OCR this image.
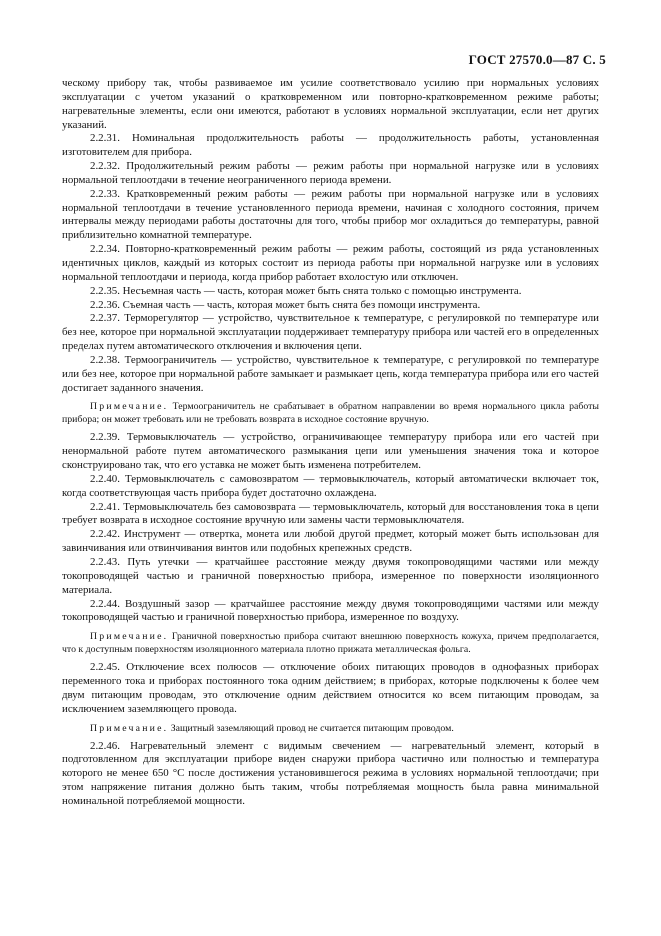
ГОСТ 27570.0—87 С. 5

ческому прибору так, чтобы развиваемое им усилие соответствовало усилию при нормальных условиях эксплуатации с учетом указаний о кратковременном или повторно-кратковременном режиме работы; нагревательные элементы, если они имеются, работают в условиях нормальной эксплуатации, если нет других указаний.

2.2.31. Номинальная продолжительность работы — продолжительность работы, установленная изготовителем для прибора.

2.2.32. Продолжительный режим работы — режим работы при нормальной нагрузке или в условиях нормальной теплоотдачи в течение неограниченного периода времени.

2.2.33. Кратковременный режим работы — режим работы при нормальной нагрузке или в условиях нормальной теплоотдачи в течение установленного периода времени, начиная с холодного состояния, причем интервалы между периодами работы достаточны для того, чтобы прибор мог охладиться до температуры, равной приблизительно комнатной температуре.

2.2.34. Повторно-кратковременный режим работы — режим работы, состоящий из ряда установленных идентичных циклов, каждый из которых состоит из периода работы при нормальной нагрузке или в условиях нормальной теплоотдачи и периода, когда прибор работает вхолостую или отключен.

2.2.35. Несъемная часть — часть, которая может быть снята только с помощью инструмента.

2.2.36. Съемная часть — часть, которая может быть снята без помощи инструмента.

2.2.37. Терморегулятор — устройство, чувствительное к температуре, с регулировкой по температуре или без нее, которое при нормальной эксплуатации поддерживает температуру прибора или частей его в определенных пределах путем автоматического отключения и включения цепи.

2.2.38. Термоограничитель — устройство, чувствительное к температуре, с регулировкой по температуре или без нее, которое при нормальной работе замыкает и размыкает цепь, когда температура прибора или его частей достигает заданного значения.

Примечание. Термоограничитель не срабатывает в обратном направлении во время нормального цикла работы прибора; он может требовать или не требовать возврата в исходное состояние вручную.

2.2.39. Термовыключатель — устройство, ограничивающее температуру прибора или его частей при ненормальной работе путем автоматического размыкания цепи или уменьшения значения тока и которое сконструировано так, что его уставка не может быть изменена потребителем.

2.2.40. Термовыключатель с самовозвратом — термовыключатель, который автоматически включает ток, когда соответствующая часть прибора будет достаточно охлаждена.

2.2.41. Термовыключатель без самовозврата — термовыключатель, который для восстановления тока в цепи требует возврата в исходное состояние вручную или замены части термовыключателя.

2.2.42. Инструмент — отвертка, монета или любой другой предмет, который может быть использован для завинчивания или отвинчивания винтов или подобных крепежных средств.

2.2.43. Путь утечки — кратчайшее расстояние между двумя токопроводящими частями или между токопроводящей частью и граничной поверхностью прибора, измеренное по поверхности изоляционного материала.

2.2.44. Воздушный зазор — кратчайшее расстояние между двумя токопроводящими частями или между токопроводящей частью и граничной поверхностью прибора, измеренное по воздуху.

Примечание. Граничной поверхностью прибора считают внешнюю поверхность кожуха, причем предполагается, что к доступным поверхностям изоляционного материала плотно прижата металлическая фольга.

2.2.45. Отключение всех полюсов — отключение обоих питающих проводов в однофазных приборах переменного тока и приборах постоянного тока одним действием; в приборах, которые подключены к более чем двум питающим проводам, это отключение одним действием относится ко всем питающим проводам, за исключением заземляющего провода.

Примечание. Защитный заземляющий провод не считается питающим проводом.

2.2.46. Нагревательный элемент с видимым свечением — нагревательный элемент, который в подготовленном для эксплуатации приборе виден снаружи прибора частично или полностью и температура которого не менее 650 °С после достижения установившегося режима в условиях нормальной теплоотдачи; при этом напряжение питания должно быть таким, чтобы потребляемая мощность была равна минимальной номинальной потребляемой мощности.
